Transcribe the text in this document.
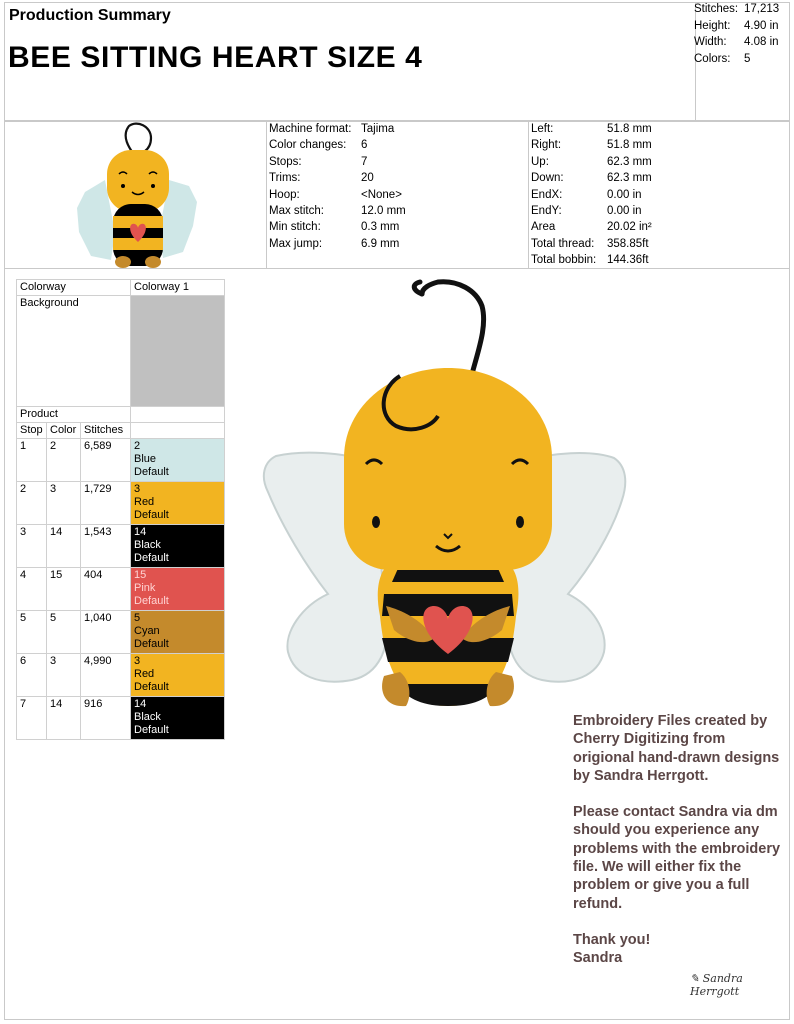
Production Summary
BEE SITTING HEART SIZE 4
Stitches: 17,213
Height: 4.90 in
Width: 4.08 in
Colors: 5
Machine format: Tajima
Color changes: 6
Stops:	7
Trims:	20
Hoop:	<None>
Max stitch:	12.0 mm
Min stitch:	0.3 mm
Max jump:	6.9 mm
Left:	51.8 mm
Right:	51.8 mm
Up:	62.3 mm
Down:	62.3 mm
EndX:	0.00 in
EndY:	0.00 in
Area	20.02 in²
Total thread: 358.85ft
Total bobbin: 144.36ft
Colorway			Colorway 1
Background			
Product			
Stop	Color	Stitches	
1	2	6,589	2
Blue
Default

2	3	1,729	3
Red
Default

3	14	1,543	14
Black
Default

4	15	404	15
Pink
Default

5	5	1,040	5
Cyan
Default

6	3	4,990	3
Red
Default

7	14	916	14
Black
Default

Embroidery Files created by Cherry Digitizing from origional hand-drawn designs by Sandra Herrgott.

Please contact Sandra via dm should you experience any problems with the embroidery file. We will either fix the problem or give you a full refund.

Thank you!
Sandra
✎ Sandra Herrgott
